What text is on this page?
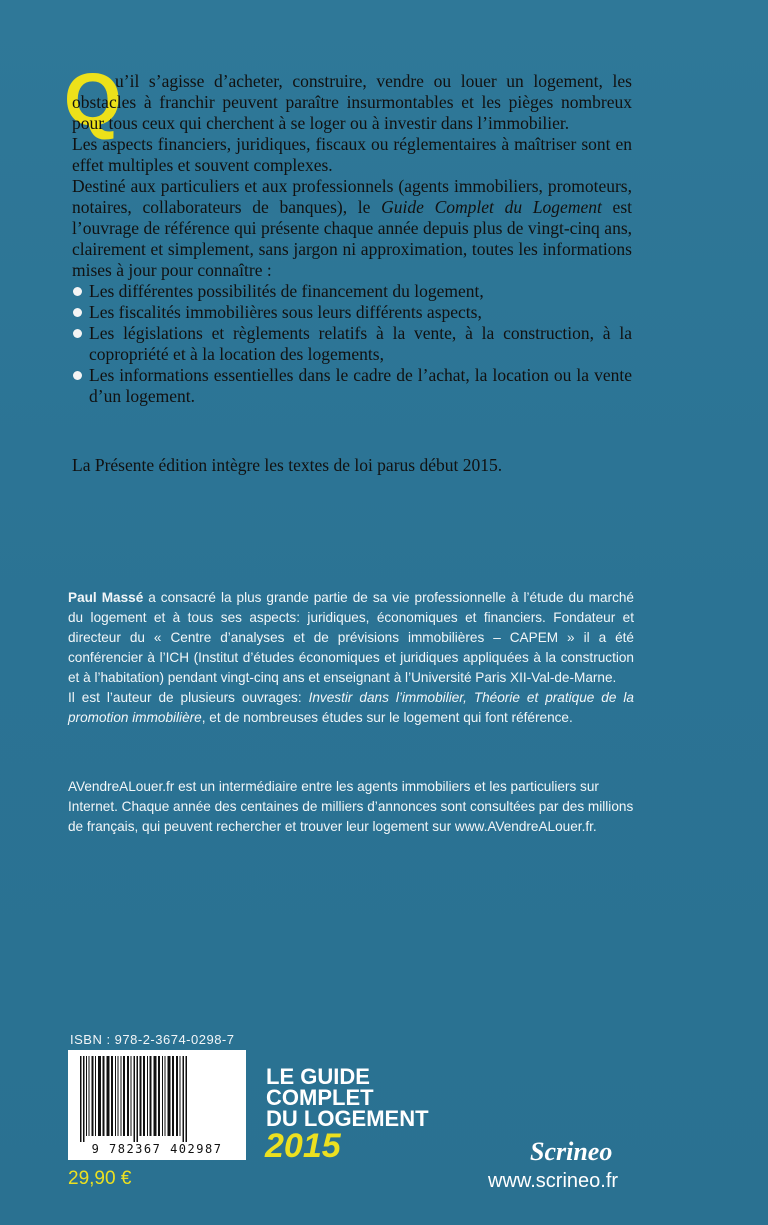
Q

u’il s’agisse d’acheter, construire, vendre ou louer un logement, les obstacles à franchir peuvent paraître insurmontables et les pièges nombreux pour tous ceux qui cherchent à se loger ou à investir dans l’immobilier.

Les aspects financiers, juridiques, fiscaux ou réglementaires à maîtriser sont en effet multiples et souvent complexes.

Destiné aux particuliers et aux professionnels (agents immobiliers, promoteurs, notaires, collaborateurs de banques), le Guide Complet du Logement est l’ouvrage de référence qui présente chaque année depuis plus de vingt-cinq ans, clairement et simplement, sans jargon ni approximation, toutes les informations mises à jour pour connaître :

Les différentes possibilités de financement du logement,
Les fiscalités immobilières sous leurs différents aspects,
Les législations et règlements relatifs à la vente, à la construction, à la copropriété et à la location des logements,
Les informations essentielles dans le cadre de l’achat, la location ou la vente d’un logement.
La Présente édition intègre les textes de loi parus début 2015.

Paul Massé a consacré la plus grande partie de sa vie professionnelle à l’étude du marché du logement et à tous ses aspects: juridiques, économiques et financiers. Fondateur et directeur du « Centre d’analyses et de prévisions immobilières – CAPEM » il a été conférencier à l’ICH (Institut d’études économiques et juridiques appliquées à la construction et à l’habitation) pendant vingt-cinq ans et enseignant à l’Université Paris XII-Val-de-Marne.

Il est l’auteur de plusieurs ouvrages: Investir dans l’immobilier, Théorie et pratique de la promotion immobilière, et de nombreuses études sur le logement qui font référence.

AVendreALouer.fr est un intermédiaire entre les agents immobiliers et les particuliers sur Internet. Chaque année des centaines de milliers d’annonces sont consultées par des millions de français, qui peuvent rechercher et trouver leur logement sur www.AVendreALouer.fr.
ISBN : 978-2-3674-0298-7
9 782367 402987
29,90 €
LE GUIDE
COMPLET
DU LOGEMENT
2015	Scrineo
www.scrineo.fr
